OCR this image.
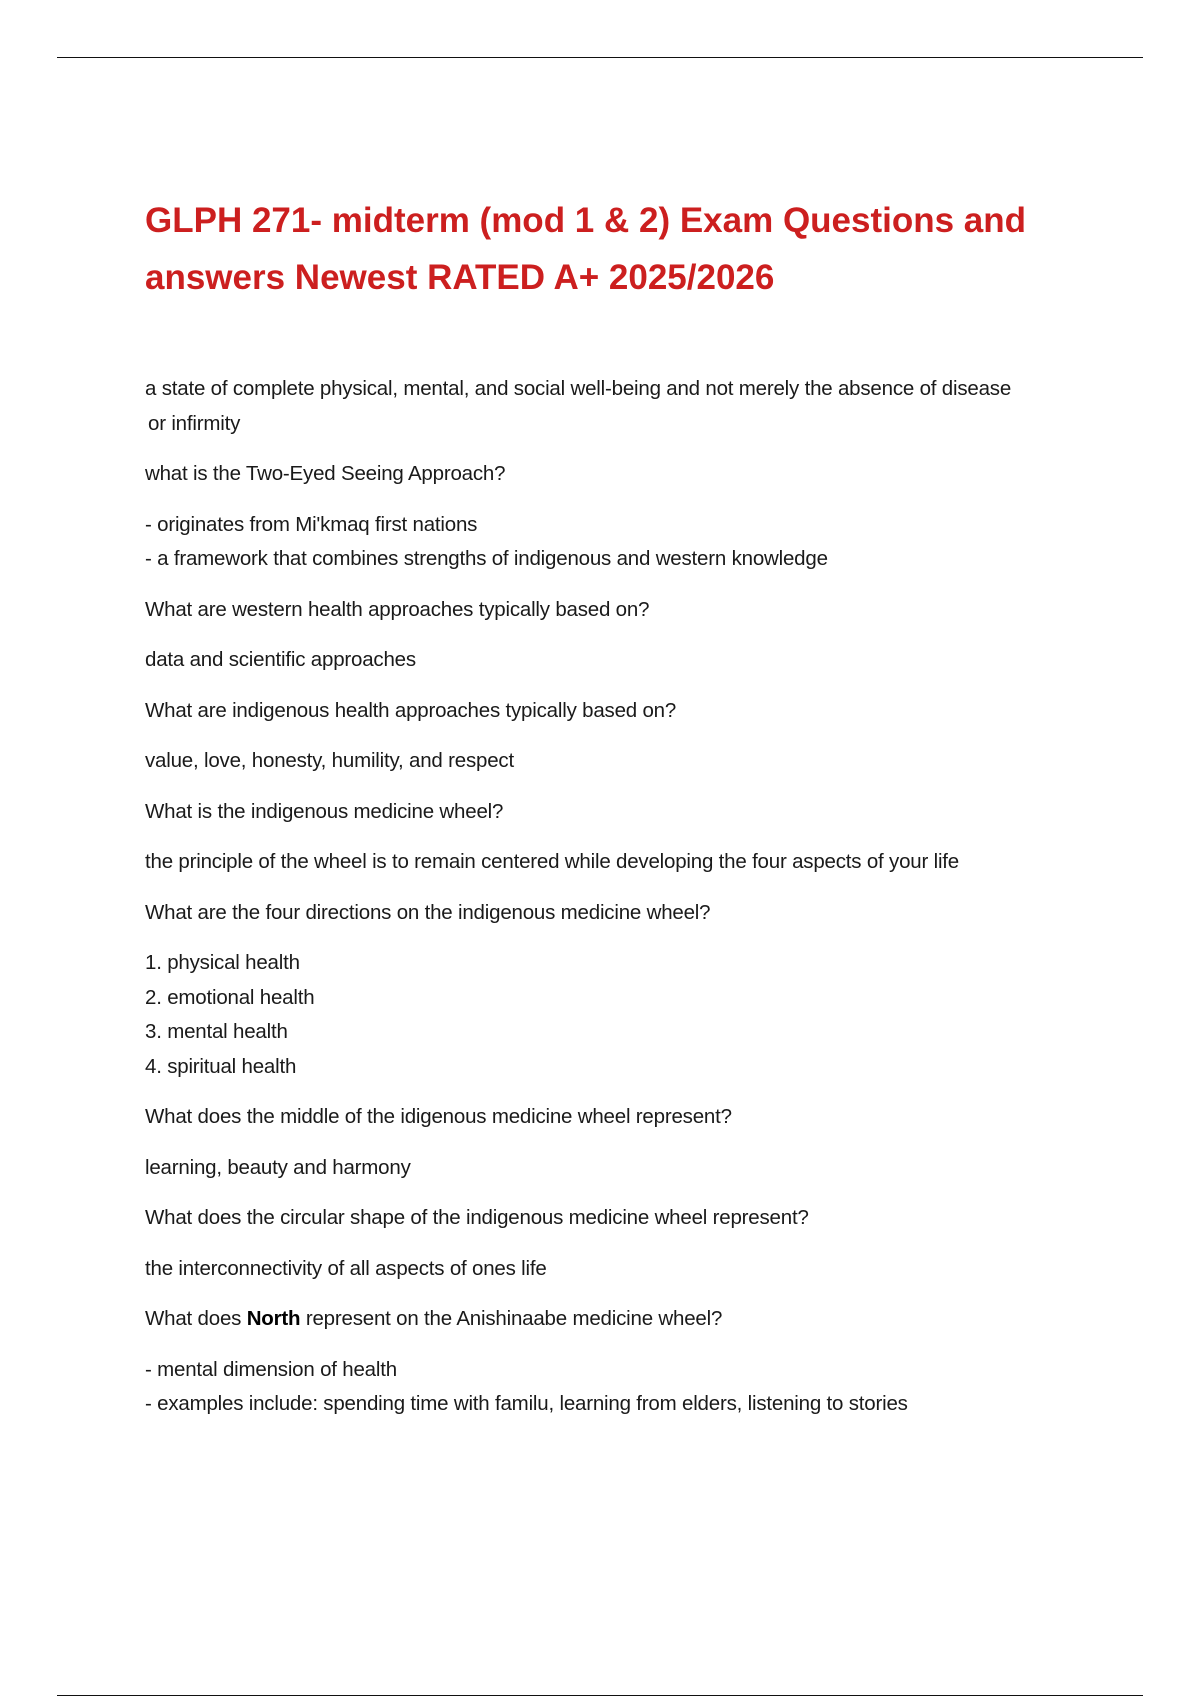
GLPH 271- midterm (mod 1 & 2) Exam Questions and answers Newest RATED A+ 2025/2026

a state of complete physical, mental, and social well-being and not merely the absence of disease
or infirmity

what is the Two-Eyed Seeing Approach?

- originates from Mi'kmaq first nations
- a framework that combines strengths of indigenous and western knowledge

What are western health approaches typically based on?

data and scientific approaches

What are indigenous health approaches typically based on?

value, love, honesty, humility, and respect

What is the indigenous medicine wheel?

the principle of the wheel is to remain centered while developing the four aspects of your life

What are the four directions on the indigenous medicine wheel?

1. physical health
2. emotional health
3. mental health
4. spiritual health

What does the middle of the idigenous medicine wheel represent?

learning, beauty and harmony

What does the circular shape of the indigenous medicine wheel represent?

the interconnectivity of all aspects of ones life

What does North represent on the Anishinaabe medicine wheel?

- mental dimension of health
- examples include: spending time with familu, learning from elders, listening to stories
